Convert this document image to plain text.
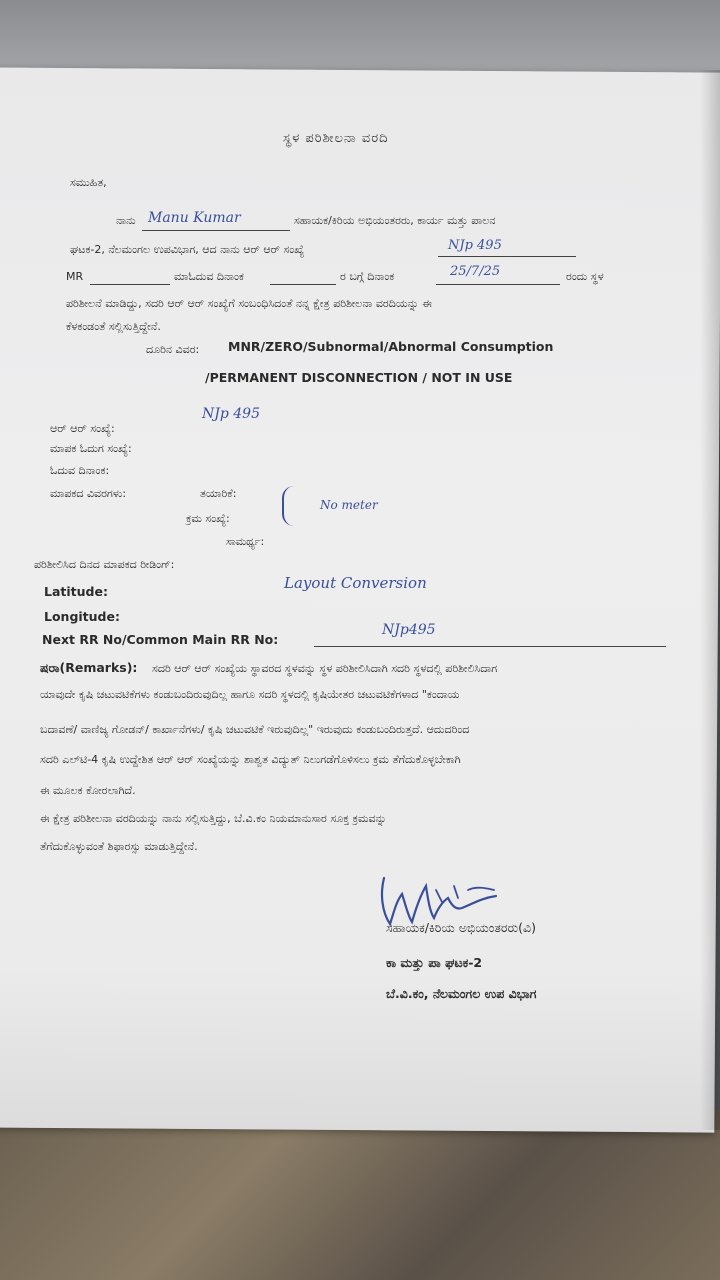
ಸ್ಥಳ ಪರಿಶೀಲನಾ ವರದಿ
ಸಮುಹಿತ,
ನಾನು Manu Kumar	ಸಹಾಯಕ/ಕಿರಿಯ ಅಭಿಯಂತರರು, ಕಾರ್ಯ ಮತ್ತು ಪಾಲನ
ಘಟಕ-2, ನೆಲಮಂಗಲ ಉಪವಿಭಾಗ, ಆದ ನಾನು ಆರ್ ಆರ್ ಸಂಖ್ಯೆ	NJp 495
MR	ಮಾಓದುವ ದಿನಾಂಕ	ರ ಬಗ್ಗೆ ದಿನಾಂಕ	25/7/25	ರಂದು ಸ್ಥಳ
ಪರಿಶೀಲನೆ ಮಾಡಿದ್ದು, ಸದರಿ ಆರ್ ಆರ್ ಸಂಖ್ಯೆಗೆ ಸಂಬಂಧಿಸಿದಂತೆ ನನ್ನ ಕ್ಷೇತ್ರ ಪರಿಶೀಲನಾ ವರದಿಯನ್ನು ಈ
ಕೆಳಕಂಡಂತೆ ಸಲ್ಲಿಸುತ್ತಿದ್ದೇನೆ.
ದೂರಿನ ವಿವರ: MNR/ZERO/Subnormal/Abnormal Consumption
/PERMANENT DISCONNECTION / NOT IN USE
ಆರ್ ಆರ್ ಸಂಖ್ಯೆ:
NJp 495
ಮಾಪಕ ಓದುಗ ಸಂಖ್ಯೆ:
ಓದುವ ದಿನಾಂಕ:
ಮಾಪಕದ ವಿವರಗಳು:	ತಯಾರಿಕೆ:
ಕ್ರಮ ಸಂಖ್ಯೆ:
ಸಾಮರ್ಥ್ಯ:
No meter
ಪರಿಶೀಲಿಸಿದ ದಿನದ ಮಾಪಕದ ರೀಡಿಂಗ್:
Latitude:	Layout Conversion
Longitude:
Next RR No/Common Main RR No:
NJp495
ಷರಾ(Remarks): ಸದರಿ ಆರ್ ಆರ್ ಸಂಖ್ಯೆಯ ಸ್ಥಾವರದ ಸ್ಥಳವನ್ನು ಸ್ಥಳ ಪರಿಶೀಲಿಸಿದಾಗಿ ಸದರಿ ಸ್ಥಳದಲ್ಲಿ ಪರಿಶೀಲಿಸಿದಾಗ
ಯಾವುದೇ ಕೃಷಿ ಚಟುವಟಿಕೆಗಳು ಕಂಡುಬಂದಿರುವುದಿಲ್ಲ ಹಾಗೂ ಸದರಿ ಸ್ಥಳದಲ್ಲಿ ಕೃಷಿಯೇತರ ಚಟುವಟಿಕೆಗಳಾದ "ಕಂದಾಯ
ಬದಾವಣೆ/ ವಾಣಿಜ್ಯ ಗೋಡನ್/ ಕಾರ್ಖಾನೆಗಳು/ ಕೃಷಿ ಚಟುವಟಿಕೆ ಇರುವುದಿಲ್ಲ" ಇರುವುದು ಕಂಡುಬಂದಿರುತ್ತದೆ. ಆದುದರಿಂದ
ಸದರಿ ಎಲ್‌ಟಿ-4 ಕೃಷಿ ಉದ್ದೇಶಿತ ಆರ್ ಆರ್ ಸಂಖ್ಯೆಯನ್ನು ಶಾಶ್ವತ ವಿದ್ಯುತ್ ನಿಲುಗಡೆಗೊಳಿಸಲು ಕ್ರಮ ತೆಗೆದುಕೊಳ್ಳಬೇಕಾಗಿ
ಈ ಮೂಲಕ ಕೋರಲಾಗಿದೆ.
ಈ ಕ್ಷೇತ್ರ ಪರಿಶೀಲನಾ ವರದಿಯನ್ನು ನಾನು ಸಲ್ಲಿಸುತ್ತಿದ್ದು, ಬೆ.ವಿ.ಕಂ ನಿಯಮಾನುಸಾರ ಸೂಕ್ತ ಕ್ರಮವನ್ನು
ತೆಗೆದುಕೊಳ್ಳುವಂತೆ ಶಿಫಾರಸ್ಸು ಮಾಡುತ್ತಿದ್ದೇನೆ.
ಸಹಾಯಕ/ಕಿರಿಯ ಅಭಿಯಂತರರು(ವಿ)
ಕಾ ಮತ್ತು ಪಾ ಘಟಕ-2
ಬೆ.ವಿ.ಕಂ, ನೆಲಮಂಗಲ ಉಪ ವಿಭಾಗ
